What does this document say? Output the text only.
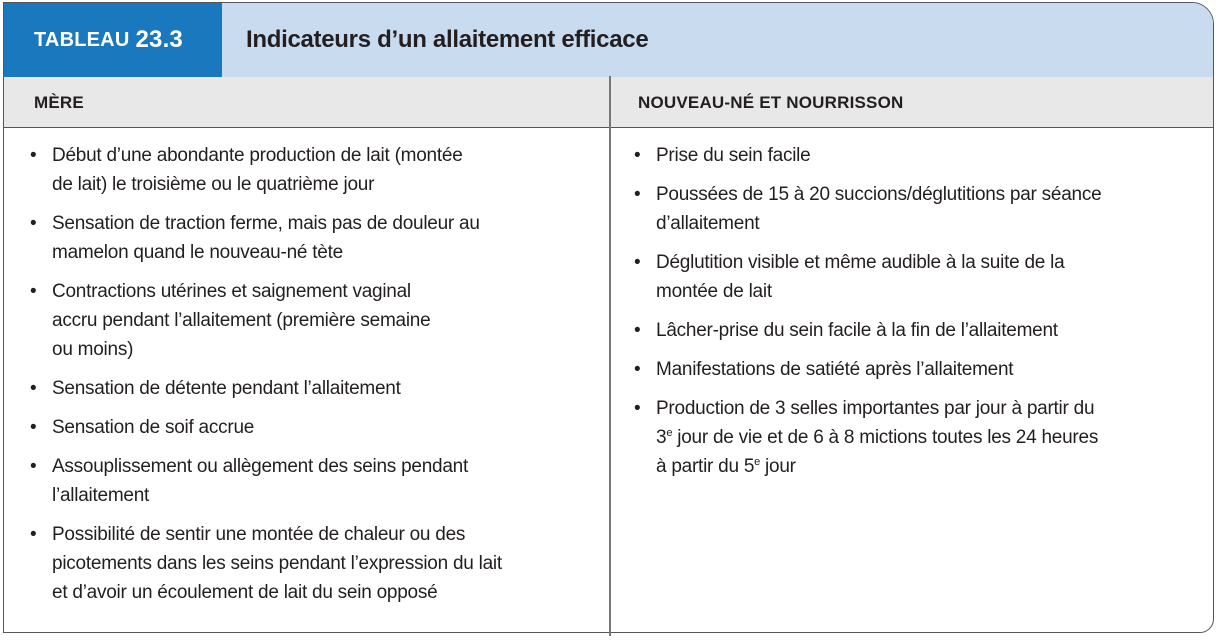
TABLEAU 23.3	Indicateurs d’un allaitement efficace
MÈRE	NOUVEAU-NÉ ET NOURRISSON
• Début d’une abondante production de lait (montée
de lait) le troisième ou le quatrième jour
• Sensation de traction ferme, mais pas de douleur au
mamelon quand le nouveau-né tète
• Contractions utérines et saignement vaginal
accru pendant l’allaitement (première semaine
ou moins)
• Sensation de détente pendant l’allaitement
• Sensation de soif accrue
• Assouplissement ou allègement des seins pendant
l’allaitement
• Possibilité de sentir une montée de chaleur ou des
picotements dans les seins pendant l’expression du lait
et d’avoir un écoulement de lait du sein opposé
• Prise du sein facile
• Poussées de 15 à 20 succions/déglutitions par séance
d’allaitement
• Déglutition visible et même audible à la suite de la
montée de lait
• Lâcher-prise du sein facile à la fin de l’allaitement
• Manifestations de satiété après l’allaitement
• Production de 3 selles importantes par jour à partir du
3e jour de vie et de 6 à 8 mictions toutes les 24 heures
à partir du 5e jour
